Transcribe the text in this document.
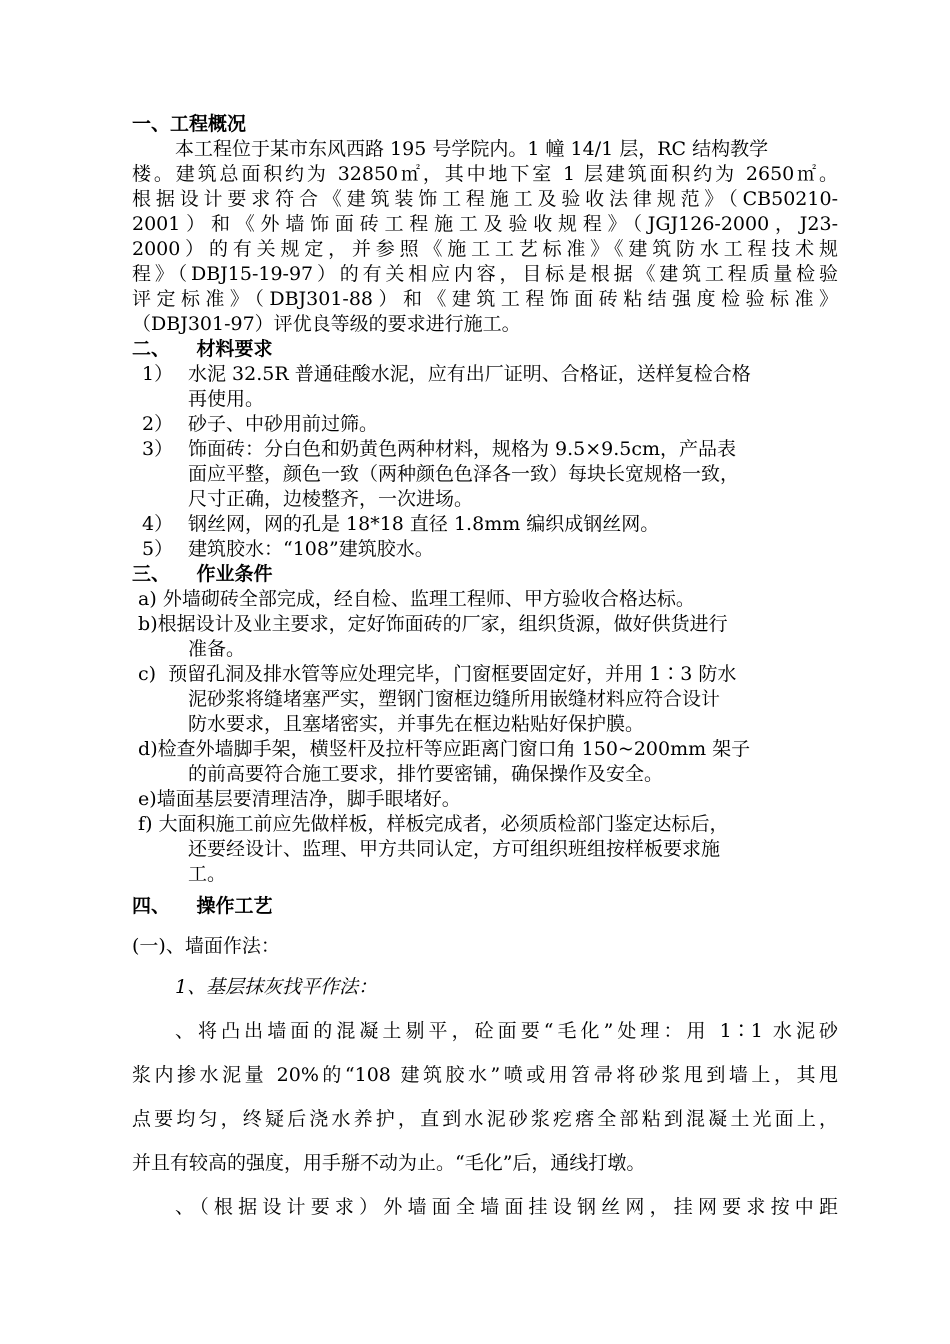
一、工程概况
本工程位于某市东风西路 195 号学院内。1 幢 14/1 层，RC 结构教学
楼。建筑总面积约为 32850㎡，其中地下室 1 层建筑面积约为 2650㎡。
根据设计要求符合《建筑装饰工程施工及验收法律规范》（CB50210-
2001）和《外墙饰面砖工程施工及验收规程》（JGJ126-2000，J23-
2000）的有关规定，并参照《施工工艺标准》《建筑防水工程技术规
程》（DBJ15-19-97）的有关相应内容，目标是根据《建筑工程质量检验
评定标准》（DBJ301-88）和《建筑工程饰面砖粘结强度检验标准》
（DBJ301-97）评优良等级的要求进行施工。
二、    材料要求
1） 水泥 32.5R 普通硅酸水泥，应有出厂证明、合格证，送样复检合格
再使用。
2） 砂子、中砂用前过筛。
3） 饰面砖：分白色和奶黄色两种材料，规格为 9.5×9.5cm，产品表
面应平整，颜色一致（两种颜色色泽各一致）每块长宽规格一致，
尺寸正确，边棱整齐，一次进场。
4） 钢丝网，网的孔是 18*18 直径 1.8mm 编织成钢丝网。
5） 建筑胶水：“108”建筑胶水。
三、    作业条件
a) 外墙砌砖全部完成，经自检、监理工程师、甲方验收合格达标。
b)根据设计及业主要求，定好饰面砖的厂家，组织货源，做好供货进行
准备。
c)  预留孔洞及排水管等应处理完毕，门窗框要固定好，并用 1∶3 防水
泥砂浆将缝堵塞严实，塑钢门窗框边缝所用嵌缝材料应符合设计
防水要求，且塞堵密实，并事先在框边粘贴好保护膜。
d)检查外墙脚手架，横竖杆及拉杆等应距离门窗口角 150~200mm 架子
的前高要符合施工要求，排竹要密铺，确保操作及安全。
e)墙面基层要清理洁净，脚手眼堵好。
f) 大面积施工前应先做样板，样板完成者，必须质检部门鉴定达标后，
还要经设计、监理、甲方共同认定，方可组织班组按样板要求施
工。
四、    操作工艺
(一)、墙面作法：
1、基层抹灰找平作法：
、将凸出墙面的混凝土剔平，砼面要“毛化”处理：用 1∶1 水泥砂
浆内掺水泥量 20%的“108 建筑胶水”喷或用笤帚将砂浆甩到墙上，其甩
点要均匀，终疑后浇水养护，直到水泥砂浆疙瘩全部粘到混凝土光面上，
并且有较高的强度，用手掰不动为止。“毛化”后，通线打墩。
、（根据设计要求）外墙面全墙面挂设钢丝网，挂网要求按中距
